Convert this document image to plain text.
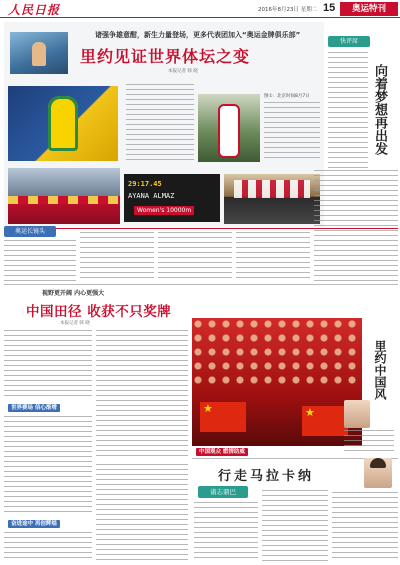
人民日报	2016年8月23日 星期二 15	奥运特刊
诸强争雄意酣，新生力量登场，更多代表团加入“奥运金牌俱乐部”
里约见证世界体坛之变
本报记者 韩 晓
图①：北京时间8月7日
29:17.45
AYANA ALMAZ
Women's 10000m
快评席
向着梦想再出发
奥运长镜头
视野更开阔 内心更强大
中国田径 收获不只奖牌
本报记者 韩 晓
世界赛场 信心渐增
奋进途中 再创辉煌
★
★
中国观众 燃情助威
里约中国风
行走马拉卡纳
诸志鼎巴
